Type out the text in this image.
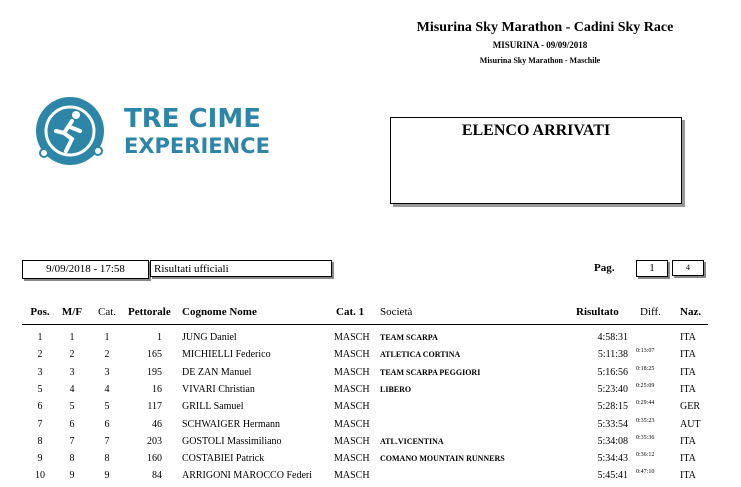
Misurina Sky Marathon - Cadini Sky Race
MISURINA - 09/09/2018
Misurina Sky Marathon - Maschile
TRE CIME
EXPERIENCE
ELENCO ARRIVATI
9/09/2018 - 17:58	Risultati ufficiali	Pag.	1	4
Pos.	M/F	Cat.	Pettorale Cognome Nome	Cat. 1 Società	Risultato Diff. Naz.
1	1	1	1 JUNG Daniel	MASCH TEAM SCARPA	4:58:31	ITA
2	2	2	165 MICHIELLI Federico	MASCH ATLETICA CORTINA	5:11:38 0:13:07	ITA
3	3	3	195 DE ZAN Manuel	MASCH TEAM SCARPA PEGGIORI	5:16:56 0:18:25	ITA
5	4	4	16 VIVARI Christian	MASCH LIBERO	5:23:40 0:25:09	ITA
6	5	5	117 GRILL Samuel	MASCH	5:28:15 0:29:44	GER
7	6	6	46 SCHWAIGER Hermann	MASCH	5:33:54 0:35:23	AUT
8	7	7	203 GOSTOLI Massimiliano	MASCH ATL.VICENTINA	5:34:08 0:35:36	ITA
9	8	8	160 COSTABIEI Patrick	MASCH COMANO MOUNTAIN RUNNERS	5:34:43 0:36:12	ITA
10	9	9	84 ARRIGONI MAROCCO Federi MASCH	5:45:41 0:47:10	ITA
